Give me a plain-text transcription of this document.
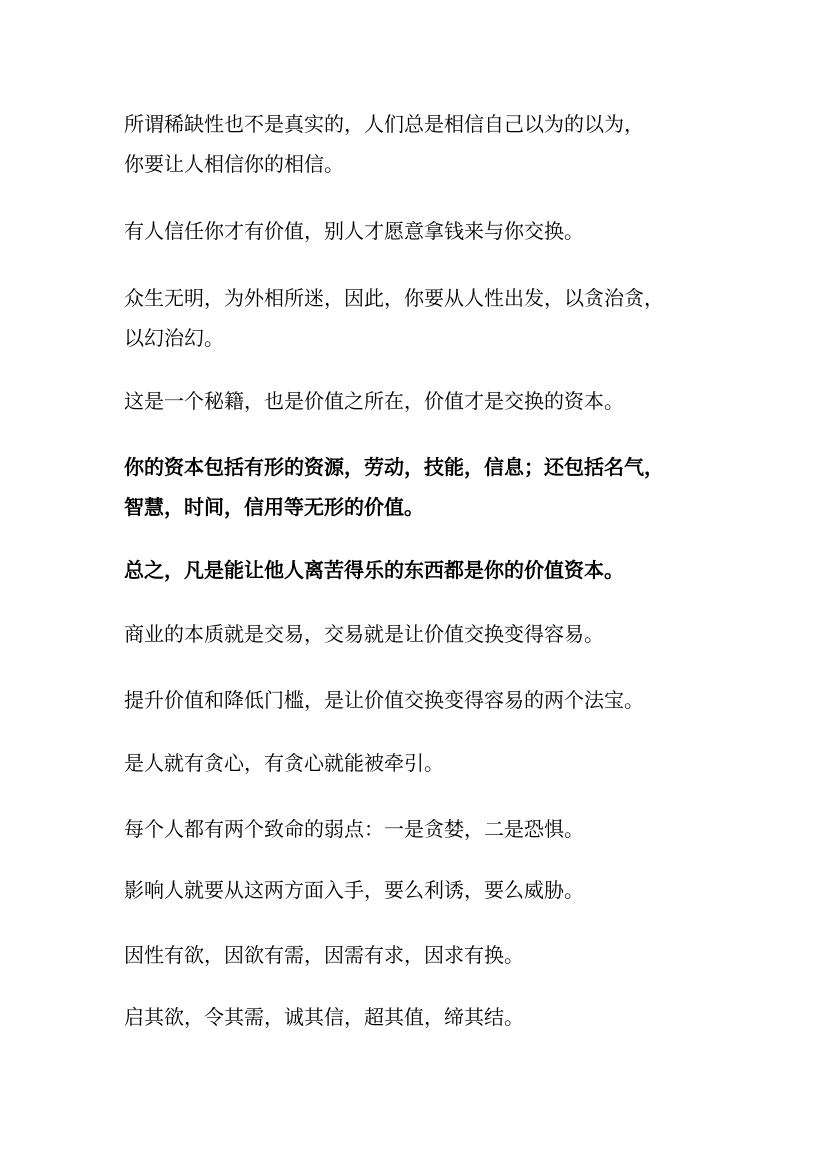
所谓稀缺性也不是真实的，人们总是相信自己以为的以为，
你要让人相信你的相信。
有人信任你才有价值，别人才愿意拿钱来与你交换。
众生无明，为外相所迷，因此，你要从人性出发，以贪治贪，
以幻治幻。
这是一个秘籍，也是价值之所在，价值才是交换的资本。
你的资本包括有形的资源，劳动，技能，信息；还包括名气，
智慧，时间，信用等无形的价值。
总之，凡是能让他人离苦得乐的东西都是你的价值资本。
商业的本质就是交易，交易就是让价值交换变得容易。
提升价值和降低门槛，是让价值交换变得容易的两个法宝。
是人就有贪心，有贪心就能被牵引。
每个人都有两个致命的弱点：一是贪婪，二是恐惧。
影响人就要从这两方面入手，要么利诱，要么威胁。
因性有欲，因欲有需，因需有求，因求有换。
启其欲，令其需，诚其信，超其值，缔其结。
